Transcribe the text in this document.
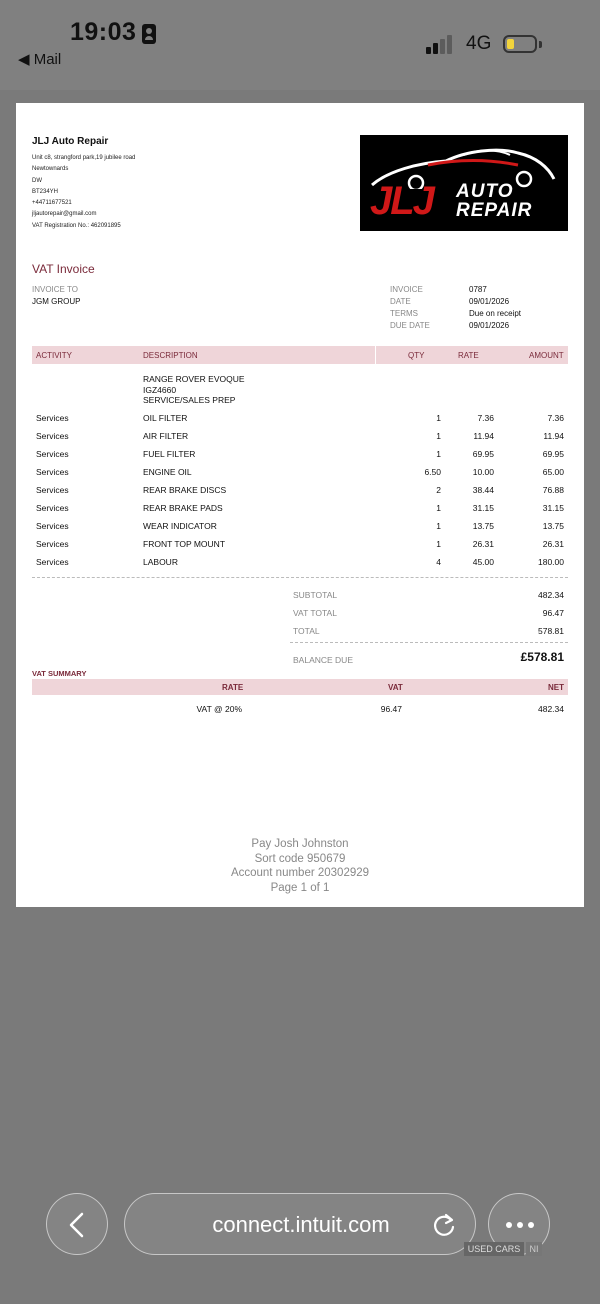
19:03
◀ Mail
4G
JLJ Auto Repair
Unit c8, strangford park,19 jubilee road
Newtownards
DW
BT234YH
+44711677521
jljautorepair@gmail.com
VAT Registration No.: 462091895
JLJ AUTO
REPAIR
VAT Invoice
INVOICE TO
JGM GROUP
INVOICE	0787
DATE	09/01/2026
TERMS	Due on receipt
DUE DATE	09/01/2026
ACTIVITY	DESCRIPTION	QTY	RATE	AMOUNT
RANGE ROVER EVOQUE
IGZ4660
SERVICE/SALES PREP
Services	OIL FILTER	1	7.36	7.36
Services	AIR FILTER	1	11.94	11.94
Services	FUEL FILTER	1	69.95	69.95
Services	ENGINE OIL	6.50	10.00	65.00
Services	REAR BRAKE DISCS	2	38.44	76.88
Services	REAR BRAKE PADS	1	31.15	31.15
Services	WEAR INDICATOR	1	13.75	13.75
Services	FRONT TOP MOUNT	1	26.31	26.31
Services	LABOUR	4	45.00	180.00
SUBTOTAL	482.34
VAT TOTAL	96.47
TOTAL	578.81
BALANCE DUE	£578.81
VAT SUMMARY
RATE	VAT	NET
VAT @ 20%	96.47	482.34
Pay Josh Johnston
Sort code 950679
Account number 20302929
Page 1 of 1
connect.intuit.com
USED CARS	NI
